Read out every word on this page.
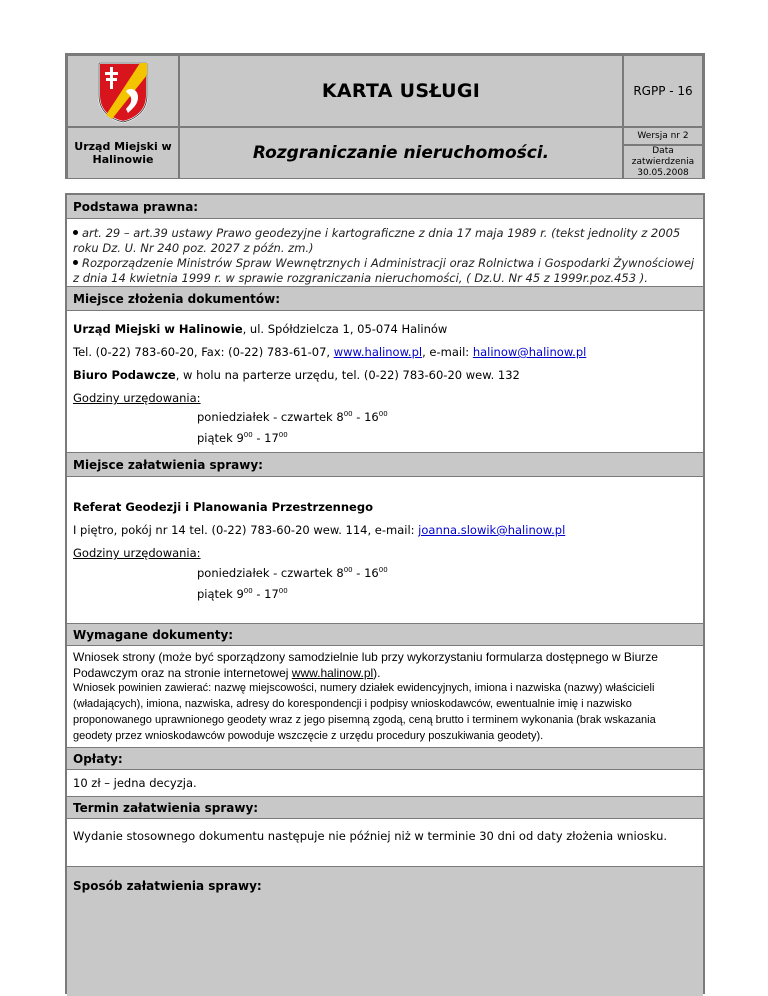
KARTA USŁUGI	RGPP - 16
Urząd Miejski w Halinowie	Rozgraniczanie nieruchomości.
Wersja nr 2
Data zatwierdzenia
30.05.2008
Podstawa prawna:
art. 29 – art.39 ustawy Prawo geodezyjne i kartograficzne z dnia 17 maja 1989 r. (tekst jednolity z 2005
roku Dz. U. Nr 240 poz. 2027 z późn. zm.)
Rozporządzenie Ministrów Spraw Wewnętrznych i Administracji oraz Rolnictwa i Gospodarki Żywnościowej
z dnia 14 kwietnia 1999 r. w sprawie rozgraniczania nieruchomości, ( Dz.U. Nr 45 z 1999r.poz.453 ).
Miejsce złożenia dokumentów:
Urząd Miejski w Halinowie, ul. Spółdzielcza 1, 05-074 Halinów
Tel. (0-22) 783-60-20, Fax: (0-22) 783-61-07, www.halinow.pl, e-mail: halinow@halinow.pl
Biuro Podawcze, w holu na parterze urzędu, tel. (0-22) 783-60-20 wew. 132
Godziny urzędowania:
poniedziałek - czwartek $8^{00} - 16^{00}$
piątek $9^{00} - 17^{00}$
Miejsce załatwienia sprawy:
Referat Geodezji i Planowania Przestrzennego
I piętro, pokój nr 14 tel. (0-22) 783-60-20 wew. 114, e-mail: joanna.slowik@halinow.pl
Godziny urzędowania:
poniedziałek - czwartek $8^{00} - 16^{00}$
piątek $9^{00} - 17^{00}$
Wymagane dokumenty:
Wniosek strony (może być sporządzony samodzielnie lub przy wykorzystaniu formularza dostępnego w Biurze
Podawczym oraz na stronie internetowej www.halinow.pl).
Wniosek powinien zawierać: nazwę miejscowości, numery działek ewidencyjnych, imiona i nazwiska (nazwy) właścicieli
(władających), imiona, nazwiska, adresy do korespondencji i podpisy wnioskodawców, ewentualnie imię i nazwisko
proponowanego uprawnionego geodety wraz z jego pisemną zgodą, ceną brutto i terminem wykonania (brak wskazania
geodety przez wnioskodawców powoduje wszczęcie z urzędu procedury poszukiwania geodety).
Opłaty:
10 zł – jedna decyzja.
Termin załatwienia sprawy:
Wydanie stosownego dokumentu następuje nie później niż w terminie 30 dni od daty złożenia wniosku.
Sposób załatwienia sprawy:
